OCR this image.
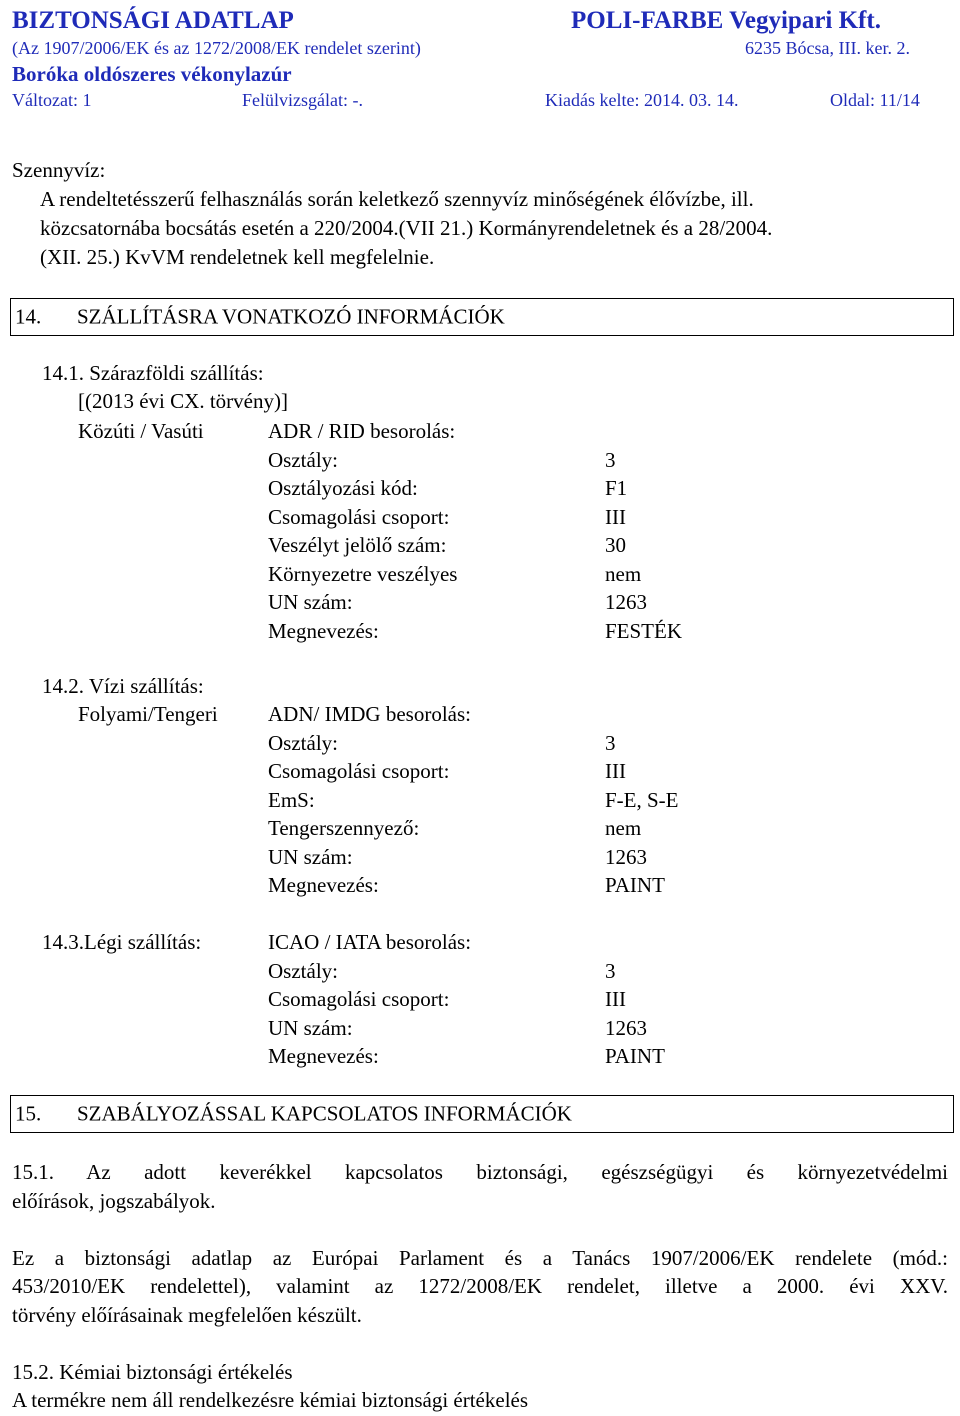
BIZTONSÁGI ADATLAP	POLI-FARBE Vegyipari Kft.
(Az 1907/2006/EK és az 1272/2008/EK rendelet szerint)	6235 Bócsa, III. ker. 2.
Boróka oldószeres vékonylazúr
Változat: 1	Felülvizsgálat: -.	Kiadás kelte: 2014. 03. 14.	Oldal: 11/14
Szennyvíz:
A rendeltetésszerű felhasználás során keletkező szennyvíz minőségének élővízbe, ill.
közcsatornába bocsátás esetén a 220/2004.(VII 21.) Kormányrendeletnek és a 28/2004.
(XII. 25.) KvVM rendeletnek kell megfelelnie.
14. SZÁLLÍTÁSRA VONATKOZÓ INFORMÁCIÓK
14.1. Szárazföldi szállítás:
[(2013 évi CX. törvény)]
Közúti / Vasúti	ADR / RID besorolás:
Osztály:	3
Osztályozási kód:	F1
Csomagolási csoport:	III
Veszélyt jelölő szám:	30
Környezetre veszélyes	nem
UN szám:	1263
Megnevezés:	FESTÉK
14.2. Vízi szállítás:
Folyami/Tengeri ADN/ IMDG besorolás:
Osztály:	3
Csomagolási csoport:	III
EmS:	F-E, S-E
Tengerszennyező:	nem
UN szám:	1263
Megnevezés:	PAINT
14.3.Légi szállítás:	ICAO / IATA besorolás:
Osztály:	3
Csomagolási csoport:	III
UN szám:	1263
Megnevezés:	PAINT
15. SZABÁLYOZÁSSAL KAPCSOLATOS INFORMÁCIÓK
15.1. Az adott keverékkel kapcsolatos biztonsági, egészségügyi és környezetvédelmi
előírások, jogszabályok.
Ez a biztonsági adatlap az Európai Parlament és a Tanács 1907/2006/EK rendelete (mód.:
453/2010/EK rendelettel), valamint az 1272/2008/EK rendelet, illetve a 2000. évi XXV.
törvény előírásainak megfelelően készült.
15.2. Kémiai biztonsági értékelés
A termékre nem áll rendelkezésre kémiai biztonsági értékelés
